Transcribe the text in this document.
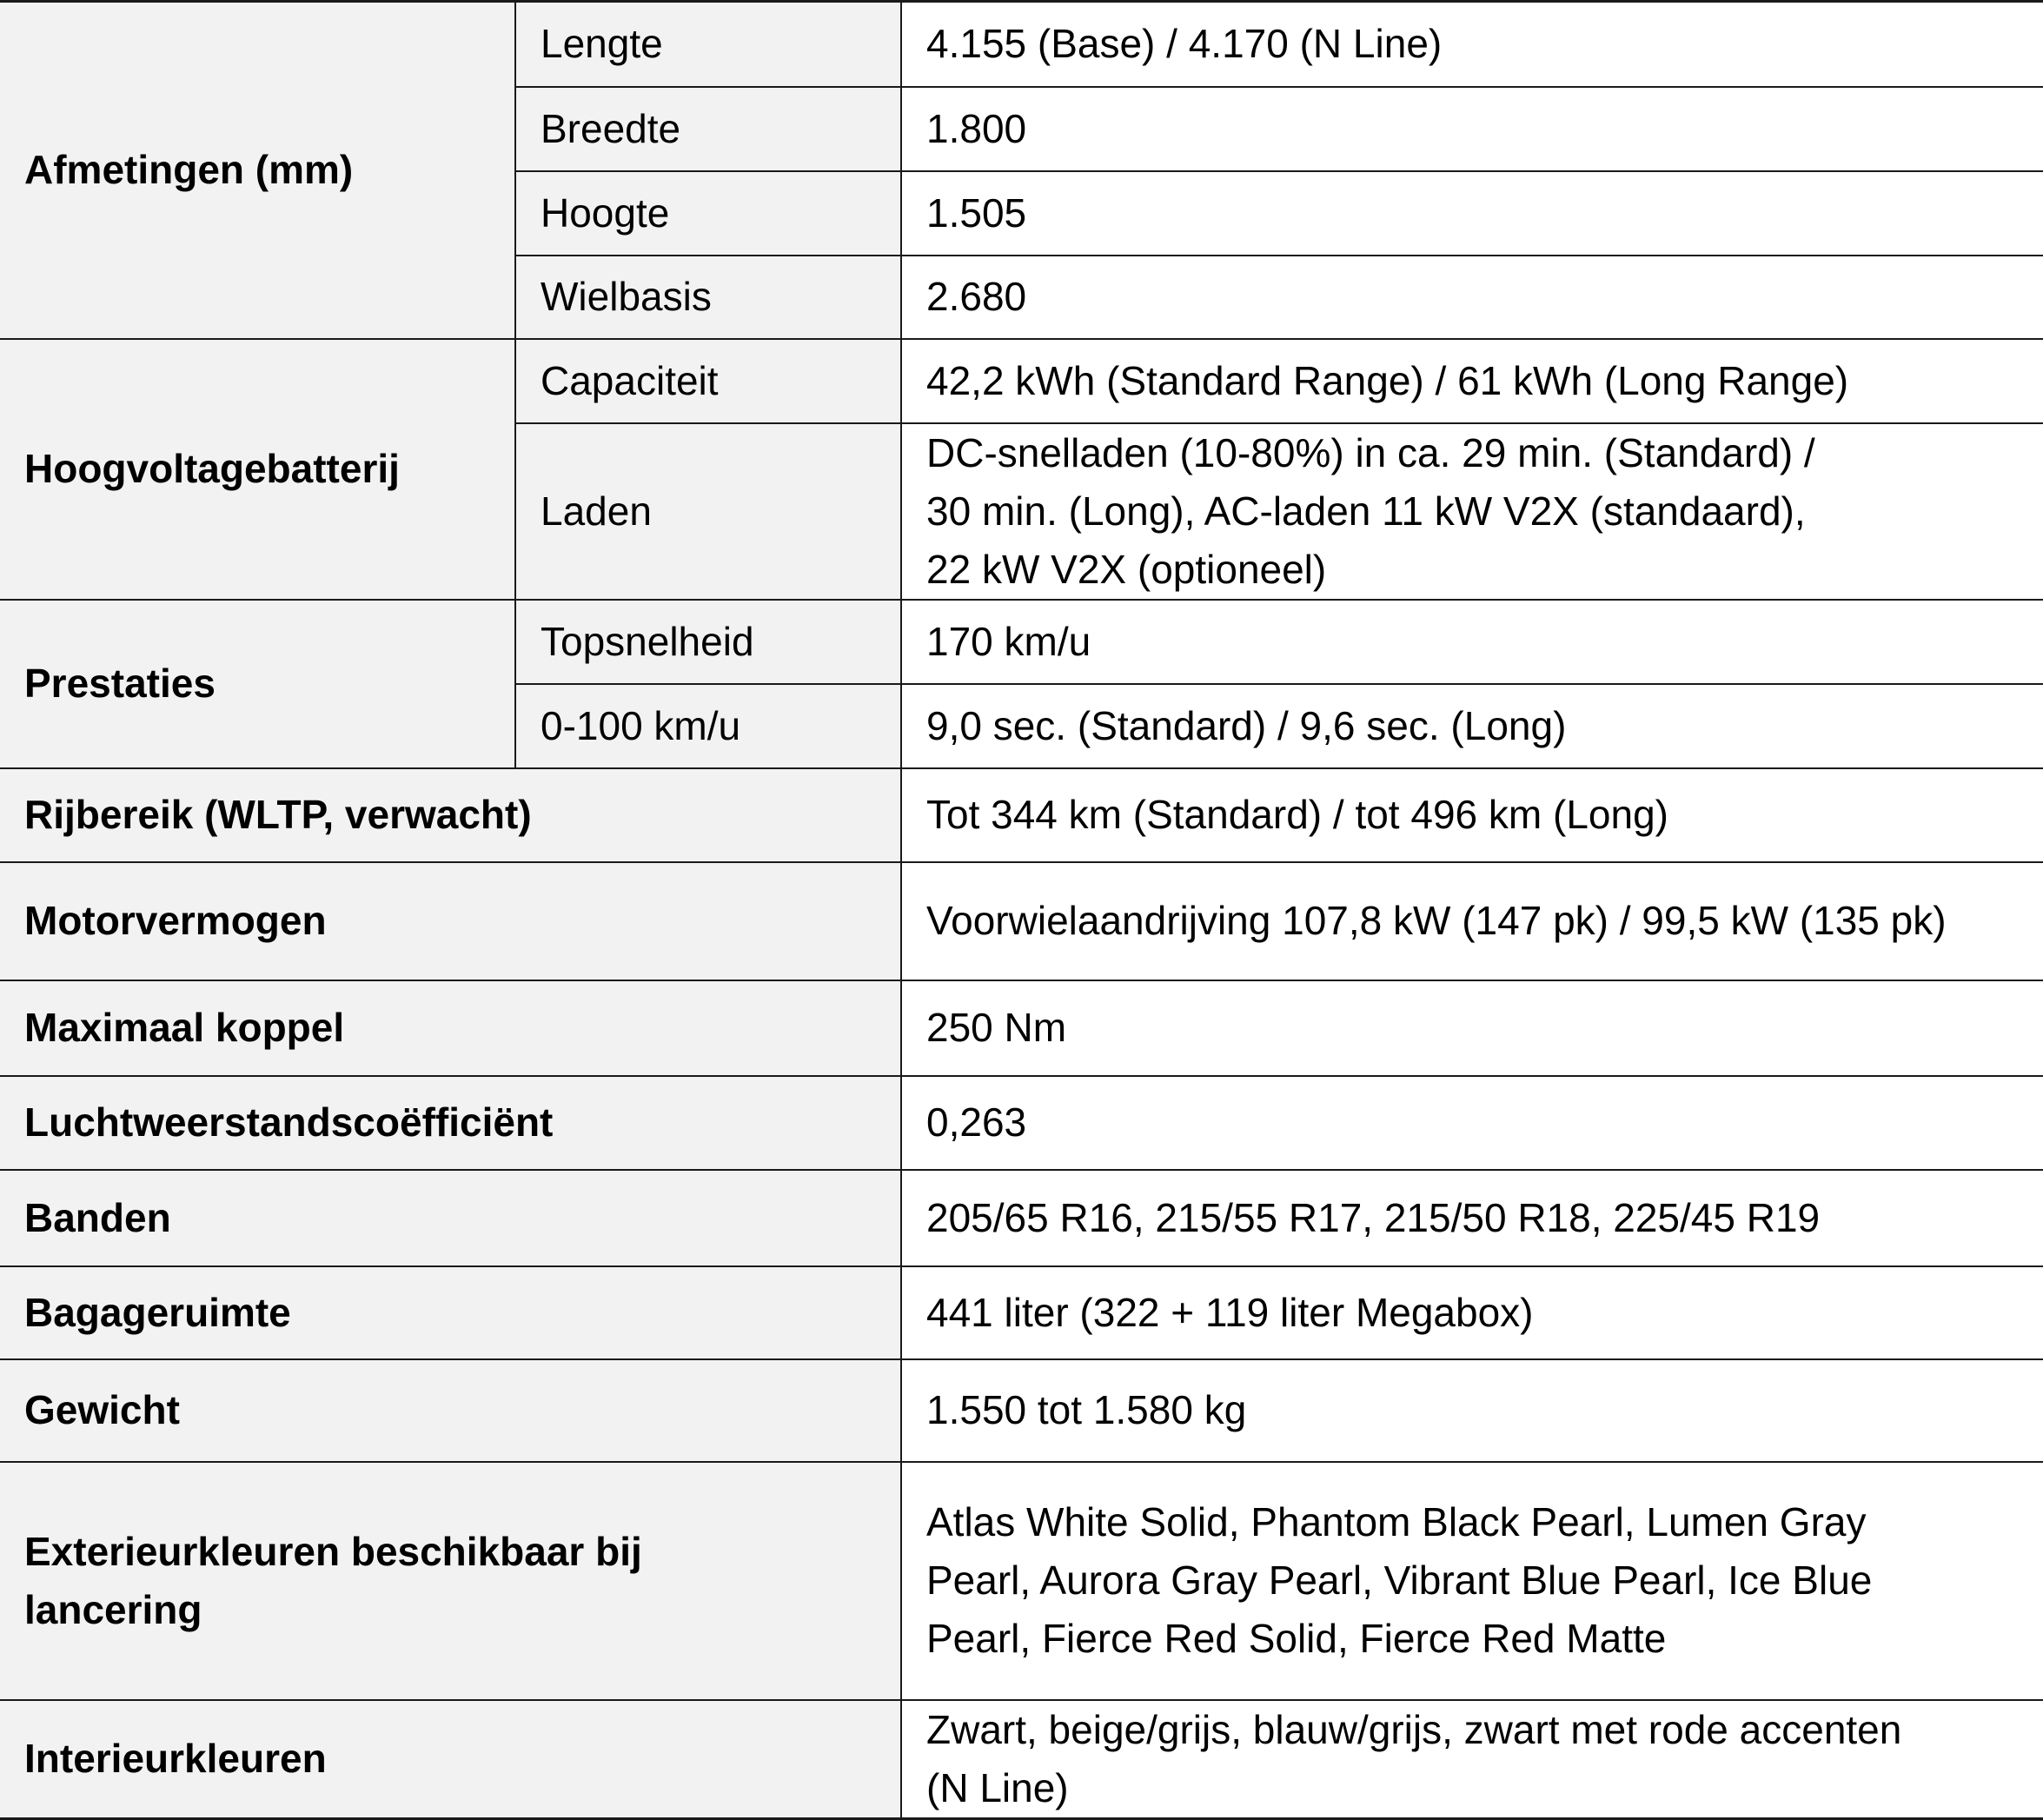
Afmetingen (mm)	Lengte	4.155 (Base) / 4.170 (N Line)
	Breedte	1.800
	Hoogte	1.505
	Wielbasis	2.680
Hoogvoltagebatterij	Capaciteit	42,2 kWh (Standard Range) / 61 kWh (Long Range)
	Laden	DC-snelladen (10-80%) in ca. 29 min. (Standard) /
30 min. (Long), AC-laden 11 kW V2X (standaard),
22 kW V2X (optioneel)

Prestaties	Topsnelheid	170 km/u
	0-100 km/u	9,0 sec. (Standard) / 9,6 sec. (Long)
Rijbereik (WLTP, verwacht)		Tot 344 km (Standard) / tot 496 km (Long)
Motorvermogen		Voorwielaandrijving 107,8 kW (147 pk) / 99,5 kW (135 pk)
Maximaal koppel		250 Nm
Luchtweerstandscoëfficiënt		0,263
Banden		205/65 R16, 215/55 R17, 215/50 R18, 225/45 R19
Bagageruimte		441 liter (322 + 119 liter Megabox)
Gewicht		1.550 tot 1.580 kg

Exterieurkleuren beschikbaar bij
lancering		Atlas White Solid, Phantom Black Pearl, Lumen Gray
Pearl, Aurora Gray Pearl, Vibrant Blue Pearl, Ice Blue
Pearl, Fierce Red Solid, Fierce Red Matte

Interieurkleuren		Zwart, beige/grijs, blauw/grijs, zwart met rode accenten
(N Line)
